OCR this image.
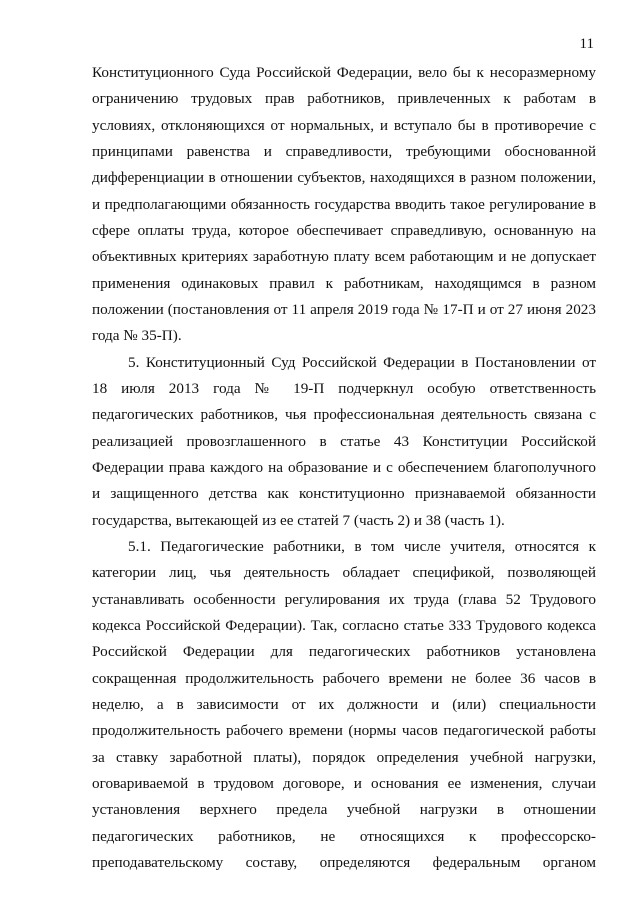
11
Конституционного Суда Российской Федерации, вело бы к несоразмерному
ограничению трудовых прав работников, привлеченных к работам в
условиях, отклоняющихся от нормальных, и вступало бы в противоречие с
принципами равенства и справедливости, требующими обоснованной
дифференциации в отношении субъектов, находящихся в разном положении,
и предполагающими обязанность государства вводить такое регулирование в
сфере оплаты труда, которое обеспечивает справедливую, основанную на
объективных критериях заработную плату всем работающим и не допускает
применения одинаковых правил к работникам, находящимся в разном
положении (постановления от 11 апреля 2019 года № 17-П и от 27 июня 2023
года № 35-П).
5. Конституционный Суд Российской Федерации в Постановлении от
18 июля 2013 года № 19-П подчеркнул особую ответственность
педагогических работников, чья профессиональная деятельность связана с
реализацией провозглашенного в статье 43 Конституции Российской
Федерации права каждого на образование и с обеспечением благополучного
и защищенного детства как конституционно признаваемой обязанности
государства, вытекающей из ее статей 7 (часть 2) и 38 (часть 1).
5.1. Педагогические работники, в том числе учителя, относятся к
категории лиц, чья деятельность обладает спецификой, позволяющей
устанавливать особенности регулирования их труда (глава 52 Трудового
кодекса Российской Федерации). Так, согласно статье 333 Трудового кодекса
Российской Федерации для педагогических работников установлена
сокращенная продолжительность рабочего времени не более 36 часов в
неделю, а в зависимости от их должности и (или) специальности
продолжительность рабочего времени (нормы часов педагогической работы
за ставку заработной платы), порядок определения учебной нагрузки,
оговариваемой в трудовом договоре, и основания ее изменения, случаи
установления верхнего предела учебной нагрузки в отношении
педагогических работников, не относящихся к профессорско-
преподавательскому составу, определяются федеральным органом
